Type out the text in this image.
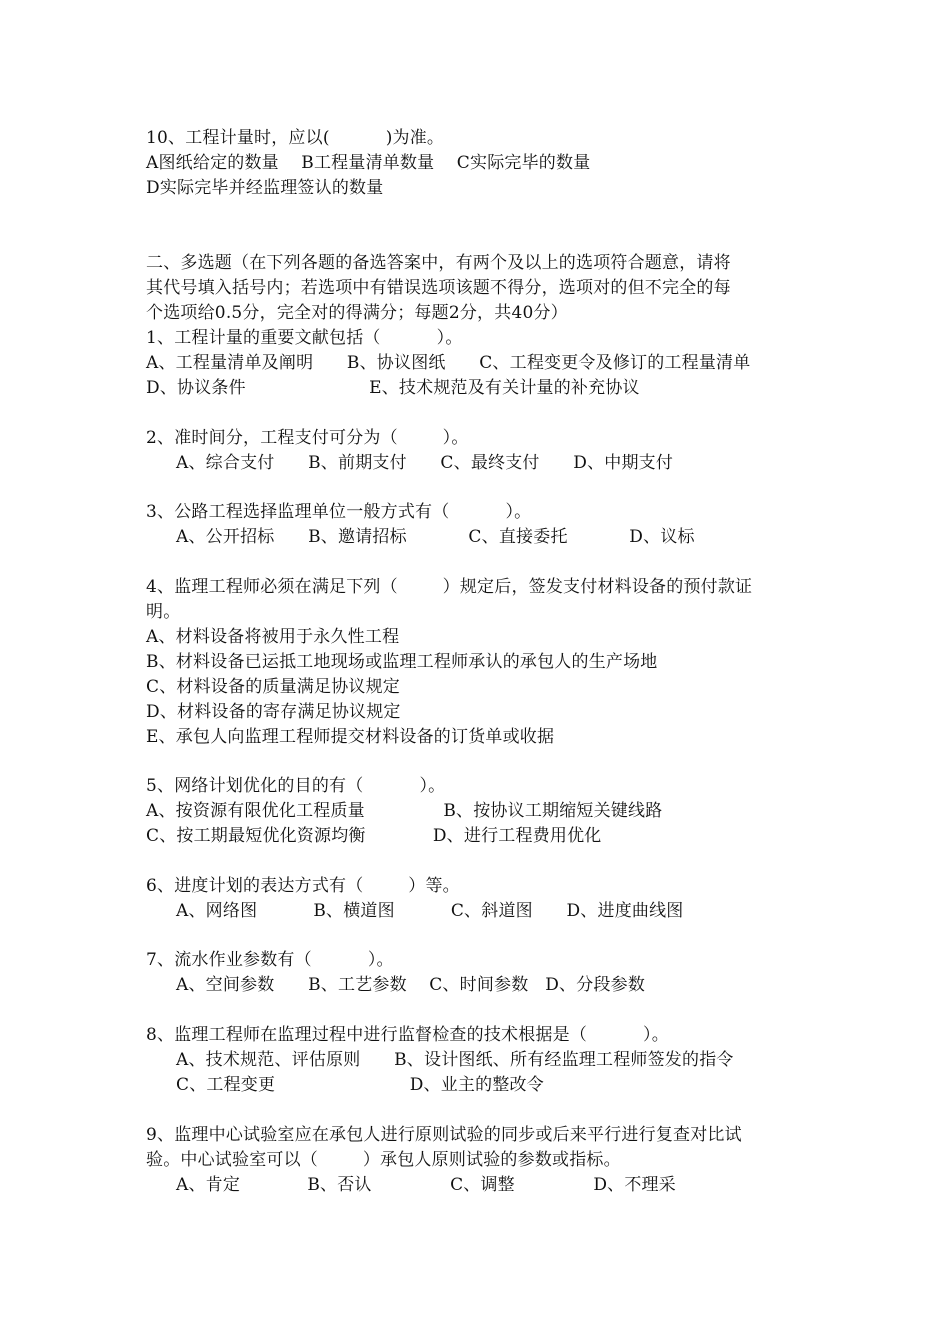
10、工程计量时，应以(          )为准。
A图纸给定的数量    B工程量清单数量    C实际完毕的数量
D实际完毕并经监理签认的数量
二、多选题（在下列各题的备选答案中，有两个及以上的选项符合题意，请将
其代号填入括号内；若选项中有错误选项该题不得分，选项对的但不完全的每
个选项给0.5分，完全对的得满分；每题2分，共40分）
1、工程计量的重要文献包括（          ）。
A、工程量清单及阐明      B、协议图纸      C、工程变更令及修订的工程量清单
D、协议条件                      E、技术规范及有关计量的补充协议
2、准时间分，工程支付可分为（        ）。
A、综合支付      B、前期支付      C、最终支付      D、中期支付
3、公路工程选择监理单位一般方式有（          ）。
A、公开招标      B、邀请招标           C、直接委托           D、议标
4、监理工程师必须在满足下列（        ）规定后，签发支付材料设备的预付款证
明。
A、材料设备将被用于永久性工程
B、材料设备已运抵工地现场或监理工程师承认的承包人的生产场地
C、材料设备的质量满足协议规定
D、材料设备的寄存满足协议规定
E、承包人向监理工程师提交材料设备的订货单或收据
5、网络计划优化的目的有（          ）。
A、按资源有限优化工程质量              B、按协议工期缩短关键线路
C、按工期最短优化资源均衡            D、进行工程费用优化
6、进度计划的表达方式有（        ）等。
A、网络图          B、横道图          C、斜道图      D、进度曲线图
7、流水作业参数有（          ）。
A、空间参数      B、工艺参数    C、时间参数   D、分段参数
8、监理工程师在监理过程中进行监督检查的技术根据是（          ）。
A、技术规范、评估原则      B、设计图纸、所有经监理工程师签发的指令
C、工程变更                        D、业主的整改令
9、监理中心试验室应在承包人进行原则试验的同步或后来平行进行复查对比试
验。中心试验室可以（        ）承包人原则试验的参数或指标。
A、肯定            B、否认              C、调整              D、不理采
